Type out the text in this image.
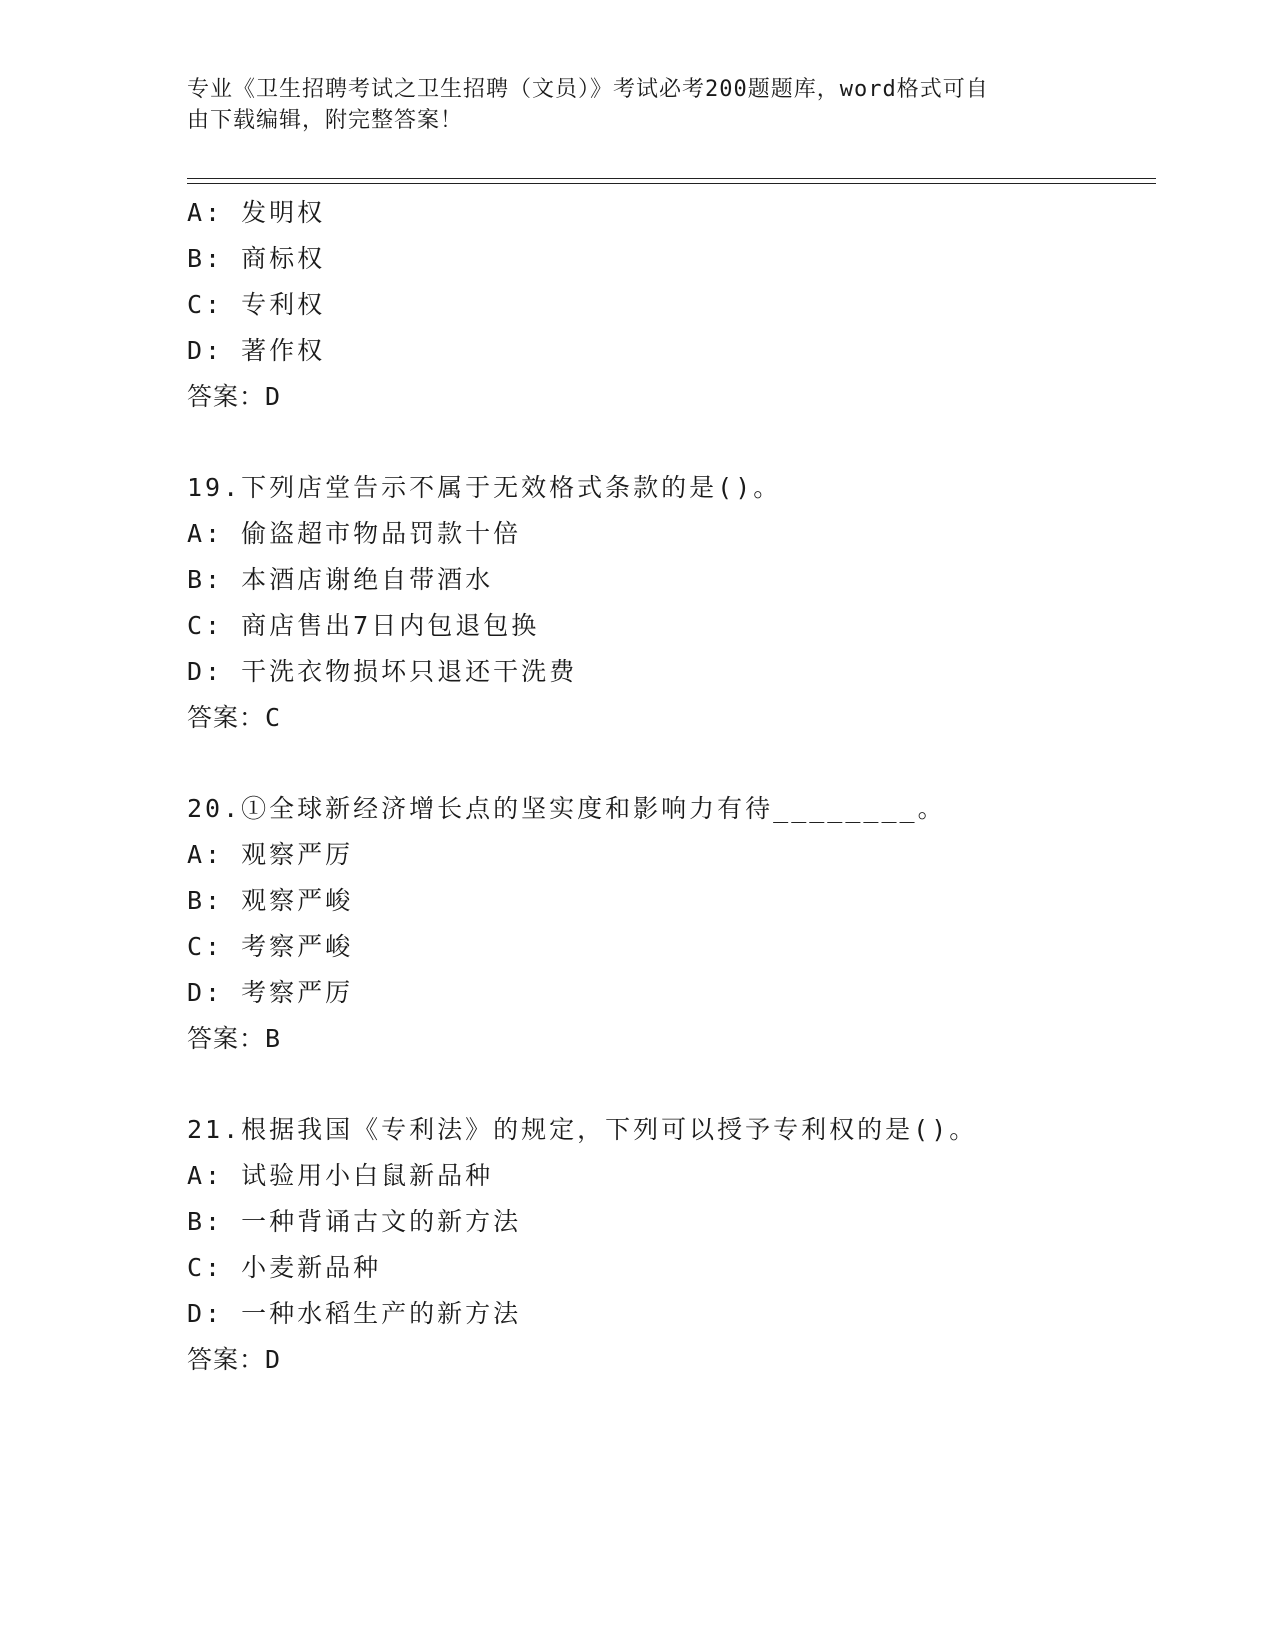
专业《卫生招聘考试之卫生招聘（文员）》考试必考200题题库，word格式可自
由下载编辑，附完整答案！
A: 发明权
B: 商标权
C: 专利权
D: 著作权
答案：D
19.下列店堂告示不属于无效格式条款的是()。
A: 偷盗超市物品罚款十倍
B: 本酒店谢绝自带酒水
C: 商店售出7日内包退包换
D: 干洗衣物损坏只退还干洗费
答案：C
20.①全球新经济增长点的坚实度和影响力有待________。
A: 观察严厉
B: 观察严峻
C: 考察严峻
D: 考察严厉
答案：B
21.根据我国《专利法》的规定，下列可以授予专利权的是()。
A: 试验用小白鼠新品种
B: 一种背诵古文的新方法
C: 小麦新品种
D: 一种水稻生产的新方法
答案：D
